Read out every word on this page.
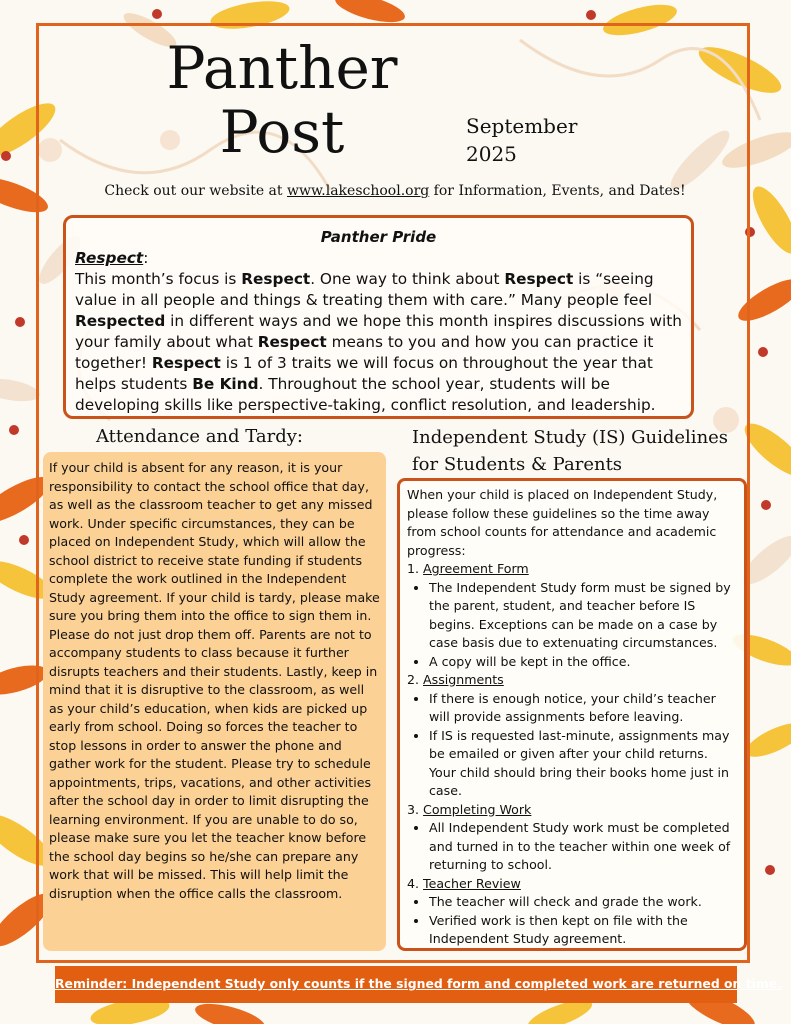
Panther
Post	September
2025
Check out our website at www.lakeschool.org for Information, Events, and Dates!
Panther Pride
Respect:
This month’s focus is Respect. One way to think about Respect is “seeing value in all people and things & treating them with care.” Many people feel Respected in different ways and we hope this month inspires discussions with your family about what Respect means to you and how you can practice it together! Respect is 1 of 3 traits we will focus on throughout the year that helps students Be Kind. Throughout the school year, students will be developing skills like perspective-taking, conflict resolution, and leadership.
Attendance and Tardy:	Independent Study (IS) Guidelines for Students & Parents
If your child is absent for any reason, it is your responsibility to contact the school office that day, as well as the classroom teacher to get any missed work. Under specific circumstances, they can be placed on Independent Study, which will allow the school district to receive state funding if students complete the work outlined in the Independent Study agreement. If your child is tardy, please make sure you bring them into the office to sign them in. Please do not just drop them off. Parents are not to accompany students to class because it further disrupts teachers and their students. Lastly, keep in mind that it is disruptive to the classroom, as well as your child’s education, when kids are picked up early from school. Doing so forces the teacher to stop lessons in order to answer the phone and gather work for the student. Please try to schedule appointments, trips, vacations, and other activities after the school day in order to limit disrupting the learning environment. If you are unable to do so, please make sure you let the teacher know before the school day begins so he/she can prepare any work that will be missed. This will help limit the disruption when the office calls the classroom.
When your child is placed on Independent Study, please follow these guidelines so the time away from school counts for attendance and academic progress:
1. Agreement Form
• The Independent Study form must be signed by the parent, student, and teacher before IS begins. Exceptions can be made on a case by case basis due to extenuating circumstances.
• A copy will be kept in the office.
2. Assignments
• If there is enough notice, your child’s teacher will provide assignments before leaving.
• If IS is requested last-minute, assignments may be emailed or given after your child returns. Your child should bring their books home just in case.
3. Completing Work
• All Independent Study work must be completed and turned in to the teacher within one week of returning to school.
4. Teacher Review
• The teacher will check and grade the work.
• Verified work is then kept on file with the Independent Study agreement.
Reminder: Independent Study only counts if the signed form and completed work are returned on time.
